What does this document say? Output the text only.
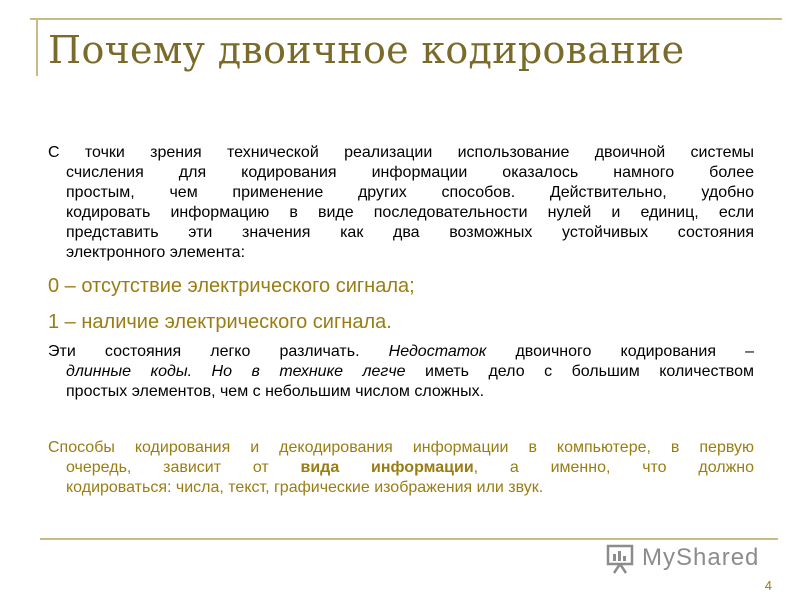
Почему двоичное кодирование

С точки зрения технической реализации использование двоичной системы
счисления для кодирования информации оказалось намного более
простым, чем применение других способов. Действительно, удобно
кодировать информацию в виде последовательности нулей и единиц, если
представить эти значения как два возможных устойчивых состояния
электронного элемента:

0 – отсутствие электрического сигнала;

1 – наличие электрического сигнала.

Эти состояния легко различать. Недостаток двоичного кодирования –
длинные коды. Но в технике легче иметь дело с большим количеством
простых элементов, чем с небольшим числом сложных.

Способы кодирования и декодирования информации в компьютере, в первую
очередь, зависит от вида информации, а именно, что должно
кодироваться: числа, текст, графические изображения или звук.

MyShared
4
